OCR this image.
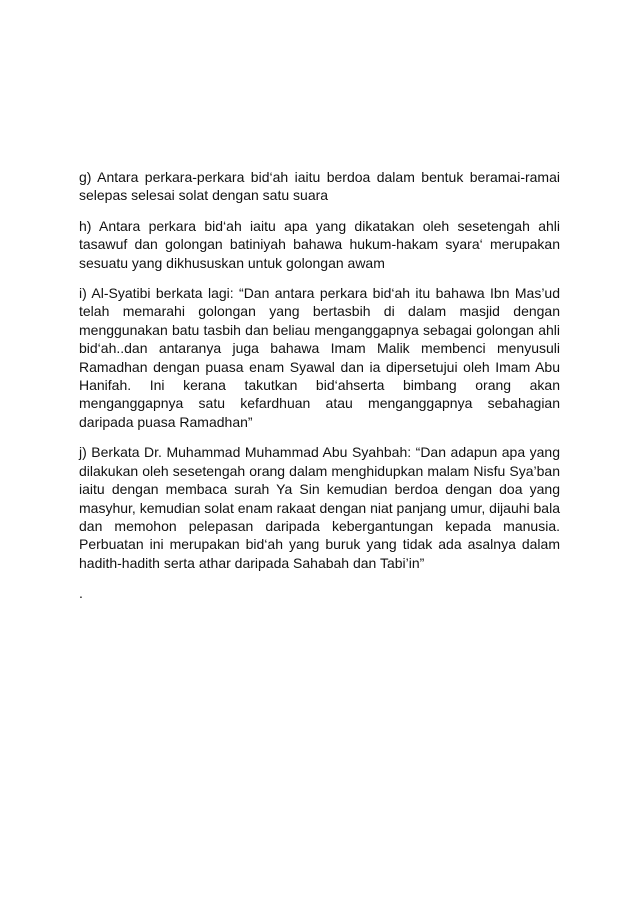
g) Antara perkara-perkara bid‘ah iaitu berdoa dalam bentuk beramai-ramai selepas selesai solat dengan satu suara

h) Antara perkara bid‘ah iaitu apa yang dikatakan oleh sesetengah ahli tasawuf dan golongan batiniyah bahawa hukum-hakam syara‘ merupakan sesuatu yang dikhususkan untuk golongan awam

i) Al-Syatibi berkata lagi: “Dan antara perkara bid‘ah itu bahawa Ibn Mas’ud telah memarahi golongan yang bertasbih di dalam masjid dengan menggunakan batu tasbih dan beliau menganggapnya sebagai golongan ahli bid‘ah..dan antaranya juga bahawa Imam Malik membenci menyusuli Ramadhan dengan puasa enam Syawal dan ia dipersetujui oleh Imam Abu Hanifah. Ini kerana takutkan bid‘ahserta bimbang orang akan menganggapnya satu kefardhuan atau menganggapnya sebahagian daripada puasa Ramadhan”

j) Berkata Dr. Muhammad Muhammad Abu Syahbah: “Dan adapun apa yang dilakukan oleh sesetengah orang dalam menghidupkan malam Nisfu Sya’ban iaitu dengan membaca surah Ya Sin kemudian berdoa dengan doa yang masyhur, kemudian solat enam rakaat dengan niat panjang umur, dijauhi bala dan memohon pelepasan daripada kebergantungan kepada manusia. Perbuatan ini merupakan bid‘ah yang buruk yang tidak ada asalnya dalam hadith-hadith serta athar daripada Sahabah dan Tabi’in”

.
